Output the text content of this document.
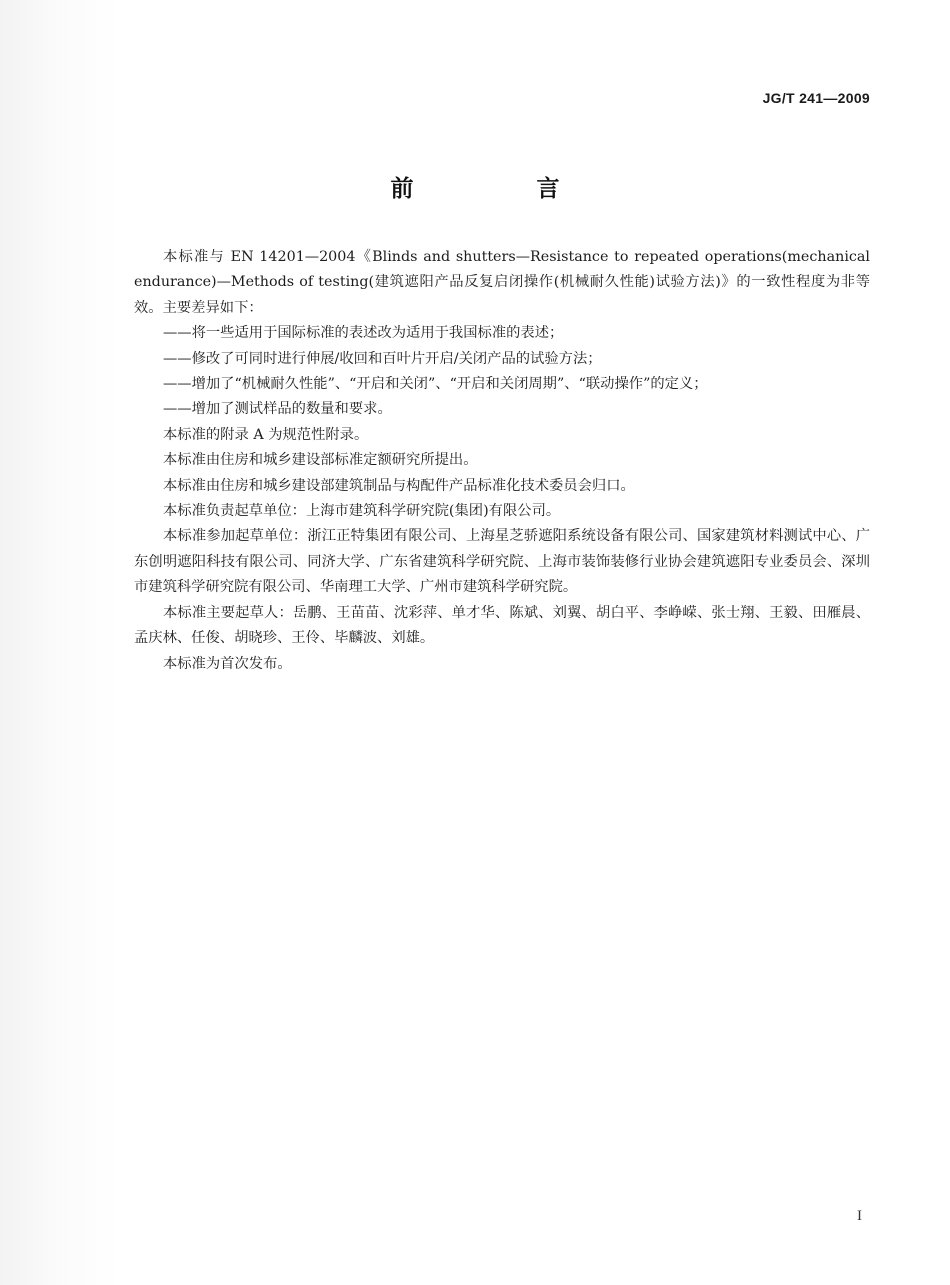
JG/T 241—2009
前　言

本标准与 EN 14201—2004《Blinds and shutters—Resistance to repeated operations(mechanical endurance)—Methods of testing(建筑遮阳产品反复启闭操作(机械耐久性能)试验方法)》的一致性程度为非等效。主要差异如下：

——将一些适用于国际标准的表述改为适用于我国标准的表述；

——修改了可同时进行伸展/收回和百叶片开启/关闭产品的试验方法；

——增加了“机械耐久性能”、“开启和关闭”、“开启和关闭周期”、“联动操作”的定义；

——增加了测试样品的数量和要求。

本标准的附录 A 为规范性附录。

本标准由住房和城乡建设部标准定额研究所提出。

本标准由住房和城乡建设部建筑制品与构配件产品标准化技术委员会归口。

本标准负责起草单位：上海市建筑科学研究院(集团)有限公司。

本标准参加起草单位：浙江正特集团有限公司、上海星芝骄遮阳系统设备有限公司、国家建筑材料测试中心、广东创明遮阳科技有限公司、同济大学、广东省建筑科学研究院、上海市装饰装修行业协会建筑遮阳专业委员会、深圳市建筑科学研究院有限公司、华南理工大学、广州市建筑科学研究院。

本标准主要起草人：岳鹏、王苗苗、沈彩萍、单才华、陈斌、刘翼、胡白平、李峥嵘、张士翔、王毅、田雁晨、孟庆林、任俊、胡晓珍、王伶、毕麟波、刘雄。

本标准为首次发布。

I
